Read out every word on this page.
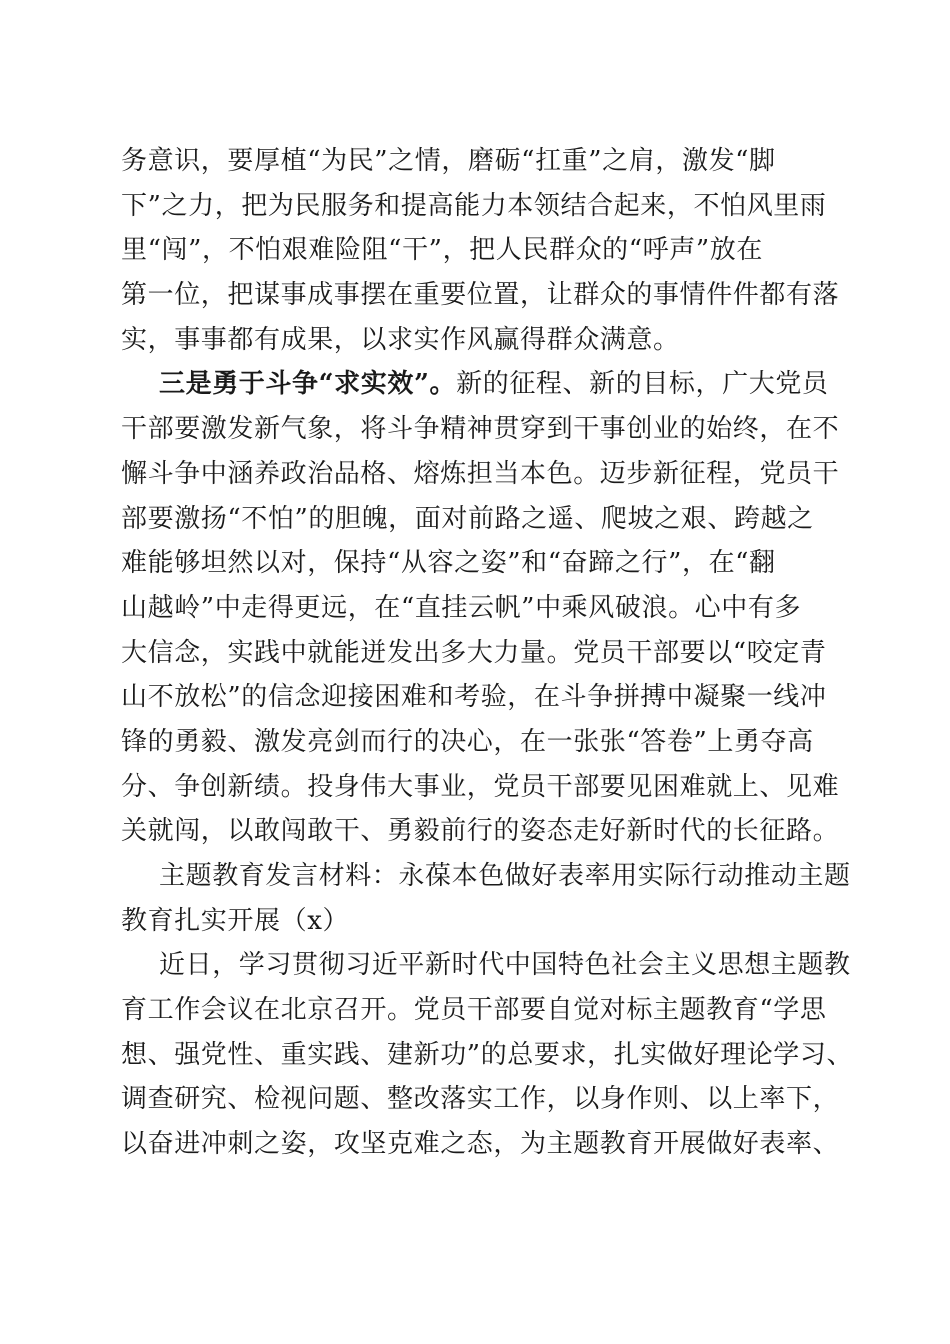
务意识，要厚植“为民”之情，磨砺“扛重”之肩，激发“脚
下”之力，把为民服务和提高能力本领结合起来，不怕风里雨
里“闯”，不怕艰难险阻“干”，把人民群众的“呼声”放在
第一位，把谋事成事摆在重要位置，让群众的事情件件都有落
实，事事都有成果，以求实作风赢得群众满意。
三是勇于斗争“求实效”。新的征程、新的目标，广大党员
干部要激发新气象，将斗争精神贯穿到干事创业的始终，在不
懈斗争中涵养政治品格、熔炼担当本色。迈步新征程，党员干
部要激扬“不怕”的胆魄，面对前路之遥、爬坡之艰、跨越之
难能够坦然以对，保持“从容之姿”和“奋蹄之行”，在“翻
山越岭”中走得更远，在“直挂云帆”中乘风破浪。心中有多
大信念，实践中就能迸发出多大力量。党员干部要以“咬定青
山不放松”的信念迎接困难和考验，在斗争拼搏中凝聚一线冲
锋的勇毅、激发亮剑而行的决心，在一张张“答卷”上勇夺高
分、争创新绩。投身伟大事业，党员干部要见困难就上、见难
关就闯，以敢闯敢干、勇毅前行的姿态走好新时代的长征路。
主题教育发言材料：永葆本色做好表率用实际行动推动主题
教育扎实开展（x）
近日，学习贯彻习近平新时代中国特色社会主义思想主题教
育工作会议在北京召开。党员干部要自觉对标主题教育“学思
想、强党性、重实践、建新功”的总要求，扎实做好理论学习、
调查研究、检视问题、整改落实工作，以身作则、以上率下，
以奋进冲刺之姿，攻坚克难之态，为主题教育开展做好表率、
